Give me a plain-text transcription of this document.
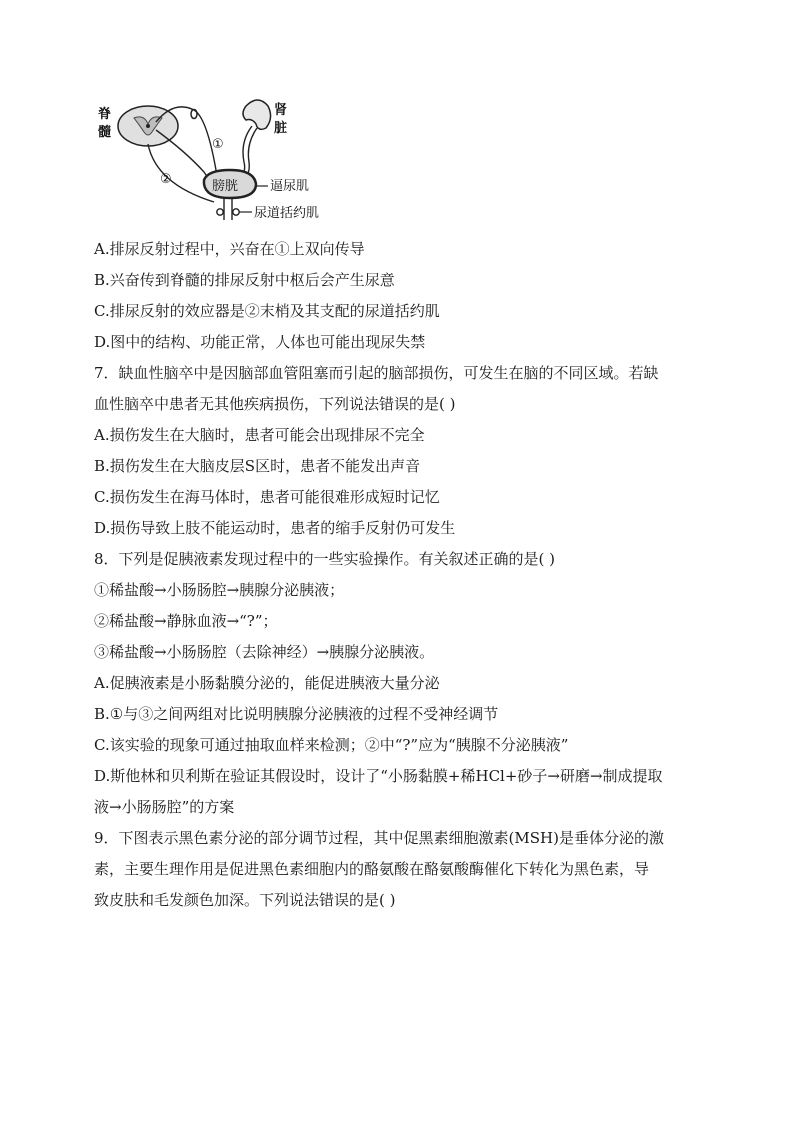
脊
髓
①
②
肾
脏
膀胱 逼尿肌
尿道括约肌
A.排尿反射过程中，兴奋在①上双向传导
B.兴奋传到脊髓的排尿反射中枢后会产生尿意
C.排尿反射的效应器是②末梢及其支配的尿道括约肌
D.图中的结构、功能正常，人体也可能出现尿失禁
7．缺血性脑卒中是因脑部血管阻塞而引起的脑部损伤，可发生在脑的不同区域。若缺
血性脑卒中患者无其他疾病损伤，下列说法错误的是( )
A.损伤发生在大脑时，患者可能会出现排尿不完全
B.损伤发生在大脑皮层S区时，患者不能发出声音
C.损伤发生在海马体时，患者可能很难形成短时记忆
D.损伤导致上肢不能运动时，患者的缩手反射仍可发生
8．下列是促胰液素发现过程中的一些实验操作。有关叙述正确的是( )
①稀盐酸→小肠肠腔→胰腺分泌胰液；
②稀盐酸→静脉血液→“?”；
③稀盐酸→小肠肠腔（去除神经）→胰腺分泌胰液。
A.促胰液素是小肠黏膜分泌的，能促进胰液大量分泌
B.①与③之间两组对比说明胰腺分泌胰液的过程不受神经调节
C.该实验的现象可通过抽取血样来检测；②中“?”应为“胰腺不分泌胰液”
D.斯他林和贝利斯在验证其假设时，设计了“小肠黏膜+稀HCl+砂子→研磨→制成提取
液→小肠肠腔”的方案
9．下图表示黑色素分泌的部分调节过程，其中促黑素细胞激素(MSH)是垂体分泌的激
素，主要生理作用是促进黑色素细胞内的酪氨酸在酪氨酸酶催化下转化为黑色素，导
致皮肤和毛发颜色加深。下列说法错误的是( )
